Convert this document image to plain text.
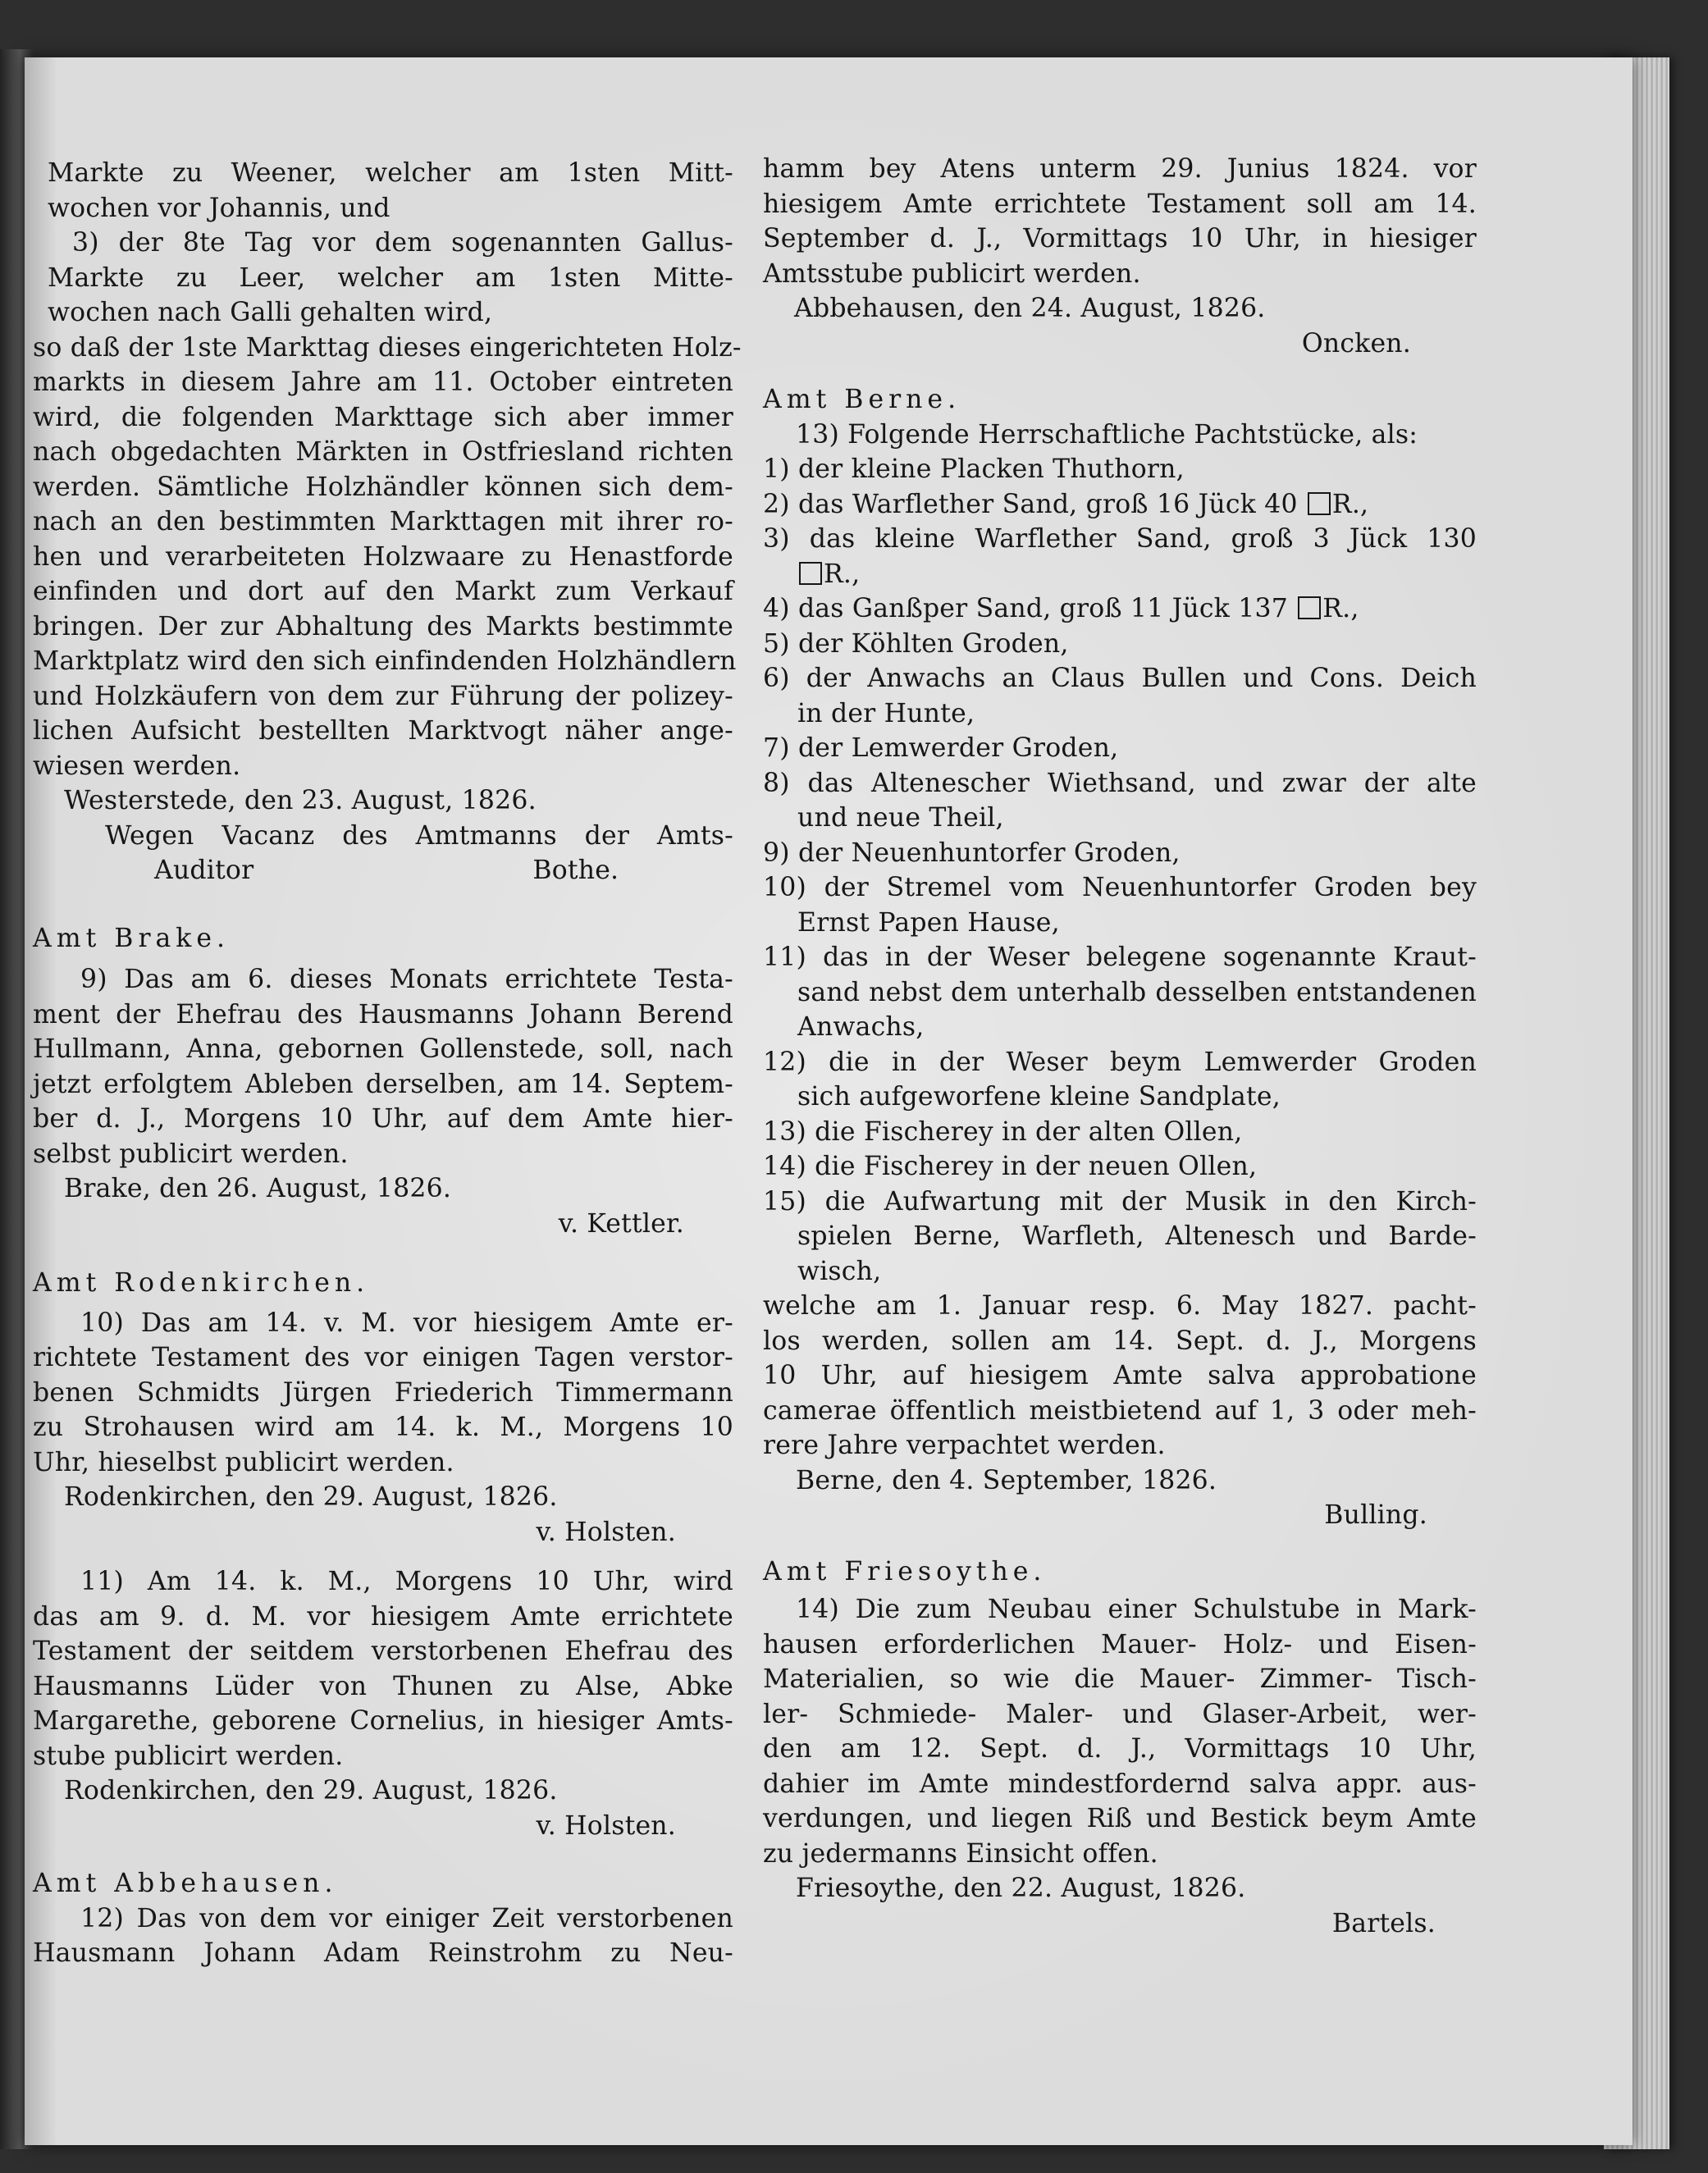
Markte zu Weener, welcher am 1sten Mitt-
wochen vor Johannis, und
3) der 8te Tag vor dem sogenannten Gallus-
Markte zu Leer, welcher am 1sten Mitte-
wochen nach Galli gehalten wird,
so daß der 1ste Markttag dieses eingerichteten Holz-
markts in diesem Jahre am 11. October eintreten
wird, die folgenden Markttage sich aber immer
nach obgedachten Märkten in Ostfriesland richten
werden. Sämtliche Holzhändler können sich dem-
nach an den bestimmten Markttagen mit ihrer ro-
hen und verarbeiteten Holzwaare zu Henastforde
einfinden und dort auf den Markt zum Verkauf
bringen. Der zur Abhaltung des Markts bestimmte
Marktplatz wird den sich einfindenden Holzhändlern
und Holzkäufern von dem zur Führung der polizey-
lichen Aufsicht bestellten Marktvogt näher ange-
wiesen werden.
Westerstede, den 23. August, 1826.
Wegen Vacanz des Amtmanns der Amts-
Auditor	Bothe.
Amt Brake.
9) Das am 6. dieses Monats errichtete Testa-
ment der Ehefrau des Hausmanns Johann Berend
Hullmann, Anna, gebornen Gollenstede, soll, nach
jetzt erfolgtem Ableben derselben, am 14. Septem-
ber d. J., Morgens 10 Uhr, auf dem Amte hier-
selbst publicirt werden.
Brake, den 26. August, 1826.
v. Kettler.
Amt Rodenkirchen.
10) Das am 14. v. M. vor hiesigem Amte er-
richtete Testament des vor einigen Tagen verstor-
benen Schmidts Jürgen Friederich Timmermann
zu Strohausen wird am 14. k. M., Morgens 10
Uhr, hieselbst publicirt werden.
Rodenkirchen, den 29. August, 1826.
v. Holsten.
11) Am 14. k. M., Morgens 10 Uhr, wird
das am 9. d. M. vor hiesigem Amte errichtete
Testament der seitdem verstorbenen Ehefrau des
Hausmanns Lüder von Thunen zu Alse, Abke
Margarethe, geborene Cornelius, in hiesiger Amts-
stube publicirt werden.
Rodenkirchen, den 29. August, 1826.
v. Holsten.
Amt Abbehausen.
12) Das von dem vor einiger Zeit verstorbenen
Hausmann Johann Adam Reinstrohm zu Neu-
hamm bey Atens unterm 29. Junius 1824. vor
hiesigem Amte errichtete Testament soll am 14.
September d. J., Vormittags 10 Uhr, in hiesiger
Amtsstube publicirt werden.
Abbehausen, den 24. August, 1826.
Oncken.
Amt Berne.
13) Folgende Herrschaftliche Pachtstücke, als:
1) der kleine Placken Thuthorn,
2) das Warflether Sand, groß 16 Jück 40 R.,
3) das kleine Warflether Sand, groß 3 Jück 130
R.,
4) das Ganßper Sand, groß 11 Jück 137 R.,
5) der Köhlten Groden,
6) der Anwachs an Claus Bullen und Cons. Deich
in der Hunte,
7) der Lemwerder Groden,
8) das Altenescher Wiethsand, und zwar der alte
und neue Theil,
9) der Neuenhuntorfer Groden,
10) der Stremel vom Neuenhuntorfer Groden bey
Ernst Papen Hause,
11) das in der Weser belegene sogenannte Kraut-
sand nebst dem unterhalb desselben entstandenen
Anwachs,
12) die in der Weser beym Lemwerder Groden
sich aufgeworfene kleine Sandplate,
13) die Fischerey in der alten Ollen,
14) die Fischerey in der neuen Ollen,
15) die Aufwartung mit der Musik in den Kirch-
spielen Berne, Warfleth, Altenesch und Barde-
wisch,
welche am 1. Januar resp. 6. May 1827. pacht-
los werden, sollen am 14. Sept. d. J., Morgens
10 Uhr, auf hiesigem Amte salva approbatione
camerae öffentlich meistbietend auf 1, 3 oder meh-
rere Jahre verpachtet werden.
Berne, den 4. September, 1826.
Bulling.
Amt Friesoythe.
14) Die zum Neubau einer Schulstube in Mark-
hausen erforderlichen Mauer- Holz- und Eisen-
Materialien, so wie die Mauer- Zimmer- Tisch-
ler- Schmiede- Maler- und Glaser-Arbeit, wer-
den am 12. Sept. d. J., Vormittags 10 Uhr,
dahier im Amte mindestfordernd salva appr. aus-
verdungen, und liegen Riß und Bestick beym Amte
zu jedermanns Einsicht offen.
Friesoythe, den 22. August, 1826.
Bartels.
